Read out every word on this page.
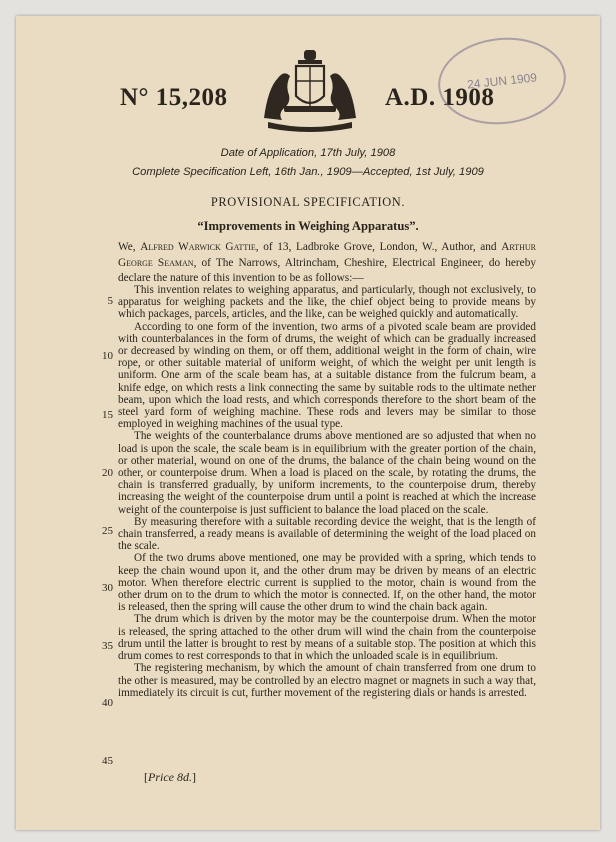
N° 15,208	A.D. 1908
24 JUN 1909
Date of Application, 17th July, 1908
Complete Specification Left, 16th Jan., 1909—Accepted, 1st July, 1909
PROVISIONAL SPECIFICATION.
“Improvements in Weighing Apparatus”.
We, Alfred Warwick Gattie, of 13, Ladbroke Grove, London, W., Author, and Arthur George Seaman, of The Narrows, Altrincham, Cheshire, Electrical Engineer, do hereby declare the nature of this invention to be as follows:—

This invention relates to weighing apparatus, and particularly, though not exclusively, to apparatus for weighing packets and the like, the chief object being to provide means by which packages, parcels, articles, and the like, can be weighed quickly and automatically.

According to one form of the invention, two arms of a pivoted scale beam are provided with counterbalances in the form of drums, the weight of which can be gradually increased or decreased by winding on them, or off them, additional weight in the form of chain, wire rope, or other suitable material of uniform weight, of which the weight per unit length is uniform. One arm of the scale beam has, at a suitable distance from the fulcrum beam, a knife edge, on which rests a link connecting the same by suitable rods to the ultimate nether beam, upon which the load rests, and which corresponds therefore to the short beam of the steel yard form of weighing machine. These rods and levers may be similar to those employed in weighing machines of the usual type.

The weights of the counterbalance drums above mentioned are so adjusted that when no load is upon the scale, the scale beam is in equilibrium with the greater portion of the chain, or other material, wound on one of the drums, the balance of the chain being wound on the other, or counterpoise drum. When a load is placed on the scale, by rotating the drums, the chain is transferred gradually, by uniform increments, to the counterpoise drum, thereby increasing the weight of the counterpoise drum until a point is reached at which the increase weight of the counterpoise is just sufficient to balance the load placed on the scale.

By measuring therefore with a suitable recording device the weight, that is the length of chain transferred, a ready means is available of determining the weight of the load placed on the scale.

Of the two drums above mentioned, one may be provided with a spring, which tends to keep the chain wound upon it, and the other drum may be driven by means of an electric motor. When therefore electric current is supplied to the motor, chain is wound from the other drum on to the drum to which the motor is connected. If, on the other hand, the motor is released, then the spring will cause the other drum to wind the chain back again.

The drum which is driven by the motor may be the counterpoise drum. When the motor is released, the spring attached to the other drum will wind the chain from the counterpoise drum until the latter is brought to rest by means of a suitable stop. The position at which this drum comes to rest corresponds to that in which the unloaded scale is in equilibrium.

The registering mechanism, by which the amount of chain transferred from one drum to the other is measured, may be controlled by an electro magnet or magnets in such a way that, immediately its circuit is cut, further movement of the registering dials or hands is arrested.

5
10
15
20
25
30
35
40
45
[Price 8d.]
